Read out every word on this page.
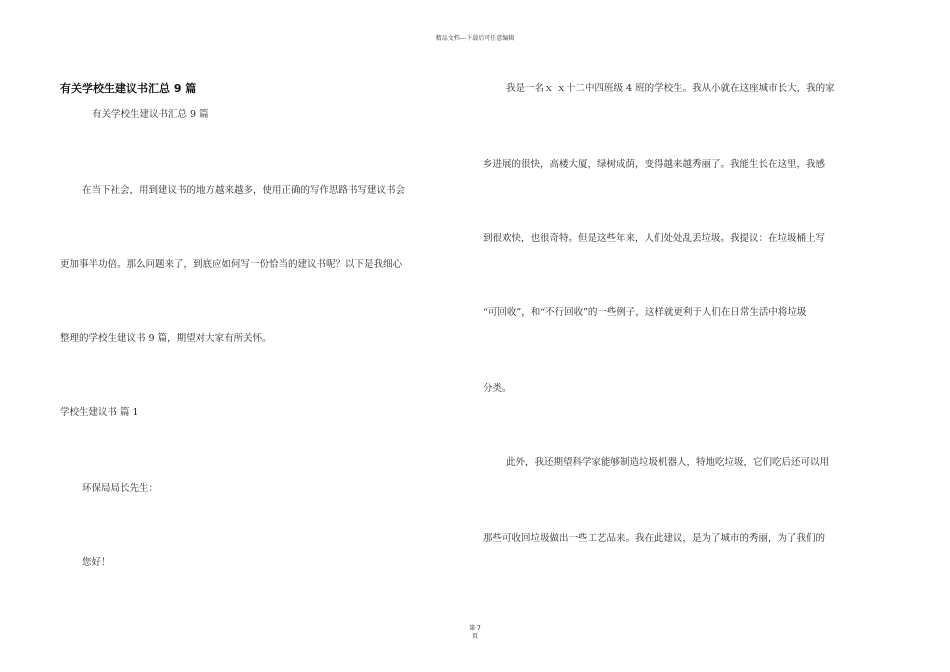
精品文档---下载后可任意编辑
有关学校生建议书汇总 9 篇
有关学校生建议书汇总 9 篇
在当下社会，用到建议书的地方越来越多，使用正确的写作思路书写建议书会
更加事半功倍。那么问题来了，到底应如何写一份恰当的建议书呢？以下是我细心
整理的学校生建议书 9 篇，期望对大家有所关怀。
学校生建议书 篇 1
环保局局长先生：
您好！
我是一名ｘ ｘ十二中四班级 4 班的学校生。我从小就在这座城市长大，我的家
乡进展的很快，高楼大厦，绿树成荫，变得越来越秀丽了。我能生长在这里，我感
到很欢快，也很奇特。但是这些年来，人们处处乱丢垃圾。我提议：在垃圾桶上写
“可回收”，和“不行回收”的一些例子，这样就更利于人们在日常生活中将垃圾
分类。
此外，我还期望科学家能够制造垃圾机器人，特地吃垃圾，它们吃后还可以用
那些可收回垃圾做出一些工艺品来。我在此建议，是为了城市的秀丽，为了我们的
第 7
页
